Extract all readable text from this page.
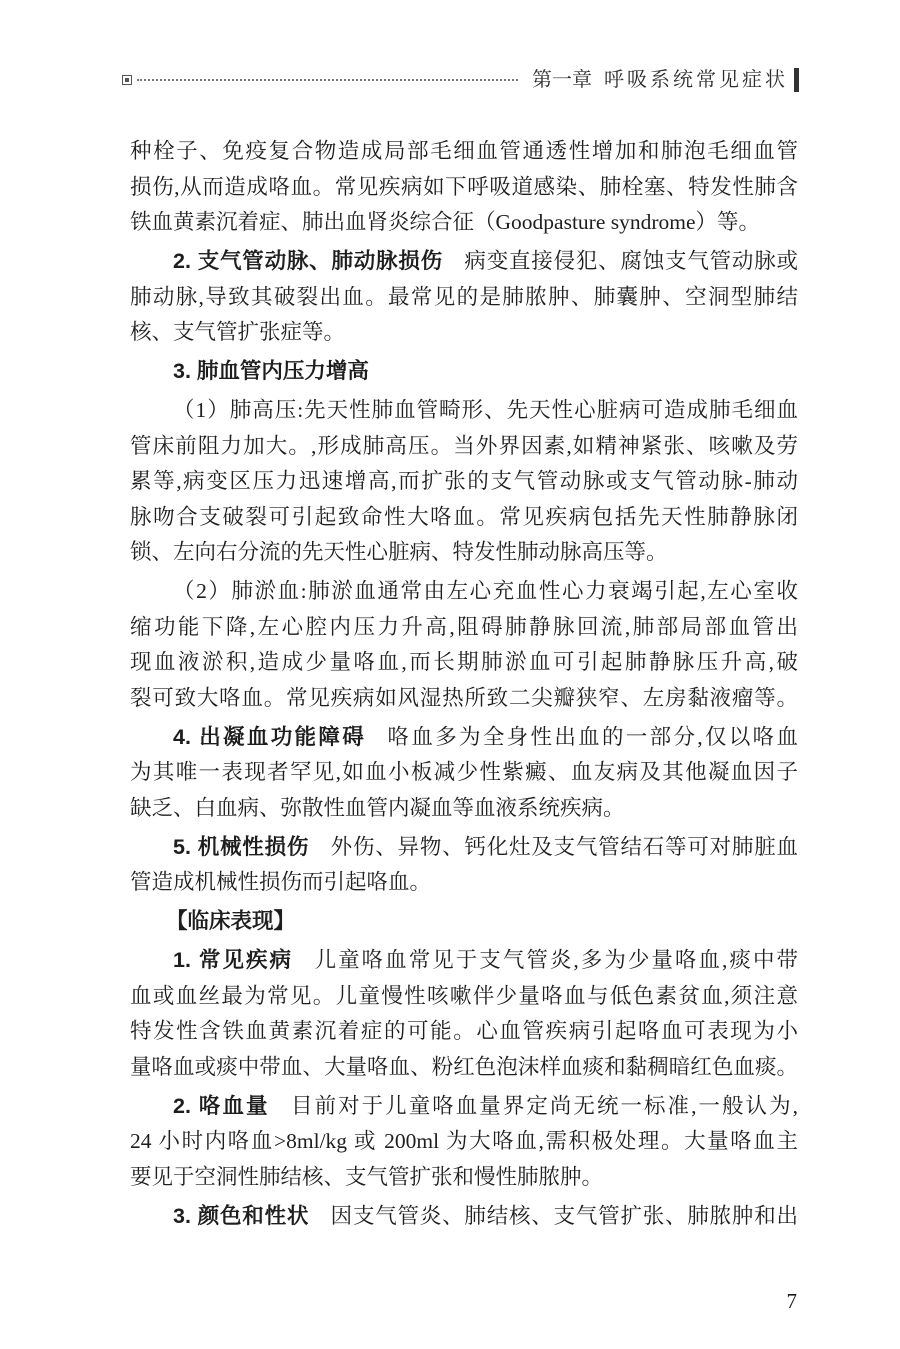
第一章 呼吸系统常见症状
种栓子、免疫复合物造成局部毛细血管通透性增加和肺泡毛细血管
损伤,从而造成咯血。常见疾病如下呼吸道感染、肺栓塞、特发性肺含
铁血黄素沉着症、肺出血肾炎综合征（Goodpasture syndrome）等。
2. 支气管动脉、肺动脉损伤 病变直接侵犯、腐蚀支气管动脉或
肺动脉,导致其破裂出血。最常见的是肺脓肿、肺囊肿、空洞型肺结
核、支气管扩张症等。
3. 肺血管内压力增高
（1）肺高压:先天性肺血管畸形、先天性心脏病可造成肺毛细血
管床前阻力加大。,形成肺高压。当外界因素,如精神紧张、咳嗽及劳
累等,病变区压力迅速增高,而扩张的支气管动脉或支气管动脉-肺动
脉吻合支破裂可引起致命性大咯血。常见疾病包括先天性肺静脉闭
锁、左向右分流的先天性心脏病、特发性肺动脉高压等。
（2）肺淤血:肺淤血通常由左心充血性心力衰竭引起,左心室收
缩功能下降,左心腔内压力升高,阻碍肺静脉回流,肺部局部血管出
现血液淤积,造成少量咯血,而长期肺淤血可引起肺静脉压升高,破
裂可致大咯血。常见疾病如风湿热所致二尖瓣狭窄、左房黏液瘤等。
4. 出凝血功能障碍 咯血多为全身性出血的一部分,仅以咯血
为其唯一表现者罕见,如血小板减少性紫癜、血友病及其他凝血因子
缺乏、白血病、弥散性血管内凝血等血液系统疾病。
5. 机械性损伤 外伤、异物、钙化灶及支气管结石等可对肺脏血
管造成机械性损伤而引起咯血。
【临床表现】
1. 常见疾病 儿童咯血常见于支气管炎,多为少量咯血,痰中带
血或血丝最为常见。儿童慢性咳嗽伴少量咯血与低色素贫血,须注意
特发性含铁血黄素沉着症的可能。心血管疾病引起咯血可表现为小
量咯血或痰中带血、大量咯血、粉红色泡沫样血痰和黏稠暗红色血痰。
2. 咯血量 目前对于儿童咯血量界定尚无统一标准,一般认为,
24 小时内咯血>8ml/kg 或 200ml 为大咯血,需积极处理。大量咯血主
要见于空洞性肺结核、支气管扩张和慢性肺脓肿。
3. 颜色和性状 因支气管炎、肺结核、支气管扩张、肺脓肿和出
7
